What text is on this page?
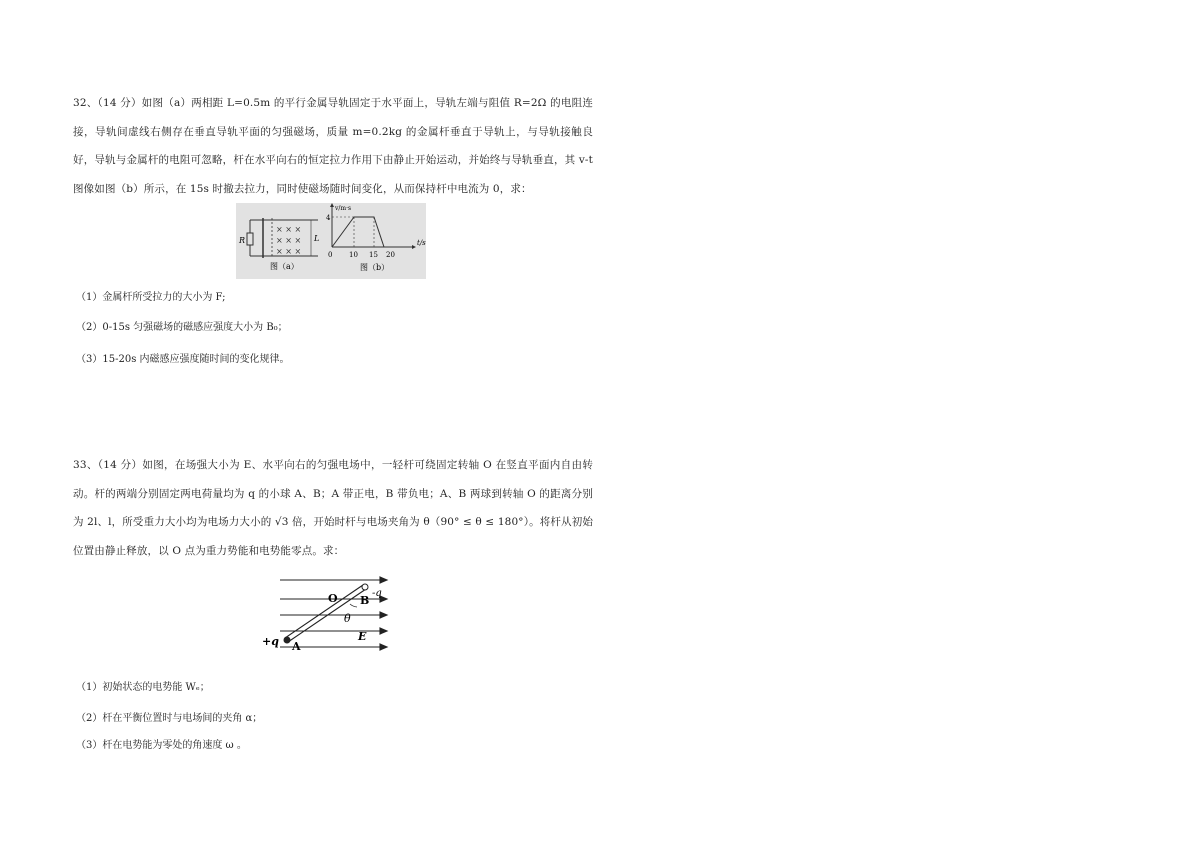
32、（14 分）如图（a）两相距 L=0.5m 的平行金属导轨固定于水平面上，导轨左端与阻值 R=2Ω 的电阻连接，导轨间虚线右侧存在垂直导轨平面的匀强磁场，质量 m=0.2kg 的金属杆垂直于导轨上，与导轨接触良好，导轨与金属杆的电阻可忽略，杆在水平向右的恒定拉力作用下由静止开始运动，并始终与导轨垂直，其 v-t 图像如图（b）所示，在 15s 时撤去拉力，同时使磁场随时间变化，从而保持杆中电流为 0，求：
R
× × ×
× × ×
× × ×
L
图（a）
v/m·s
t/s
4
0 10 15 20
图（b）
（1）金属杆所受拉力的大小为 F;
（2）0-15s 匀强磁场的磁感应强度大小为 B₀；
（3）15-20s 内磁感应强度随时间的变化规律。
33、（14 分）如图，在场强大小为 E、水平向右的匀强电场中，一轻杆可绕固定转轴 O 在竖直平面内自由转动。杆的两端分别固定两电荷量均为 q 的小球 A、B；A 带正电，B 带负电；A、B 两球到转轴 O 的距离分别为 2l、l，所受重力大小均为电场力大小的 √3 倍，开始时杆与电场夹角为 θ（90° ≤ θ ≤ 180°）。将杆从初始位置由静止释放，以 O 点为重力势能和电势能零点。求：
O B
-q
θ
E
+q A
（1）初始状态的电势能 Wₑ；
（2）杆在平衡位置时与电场间的夹角 α；
（3）杆在电势能为零处的角速度 ω 。
